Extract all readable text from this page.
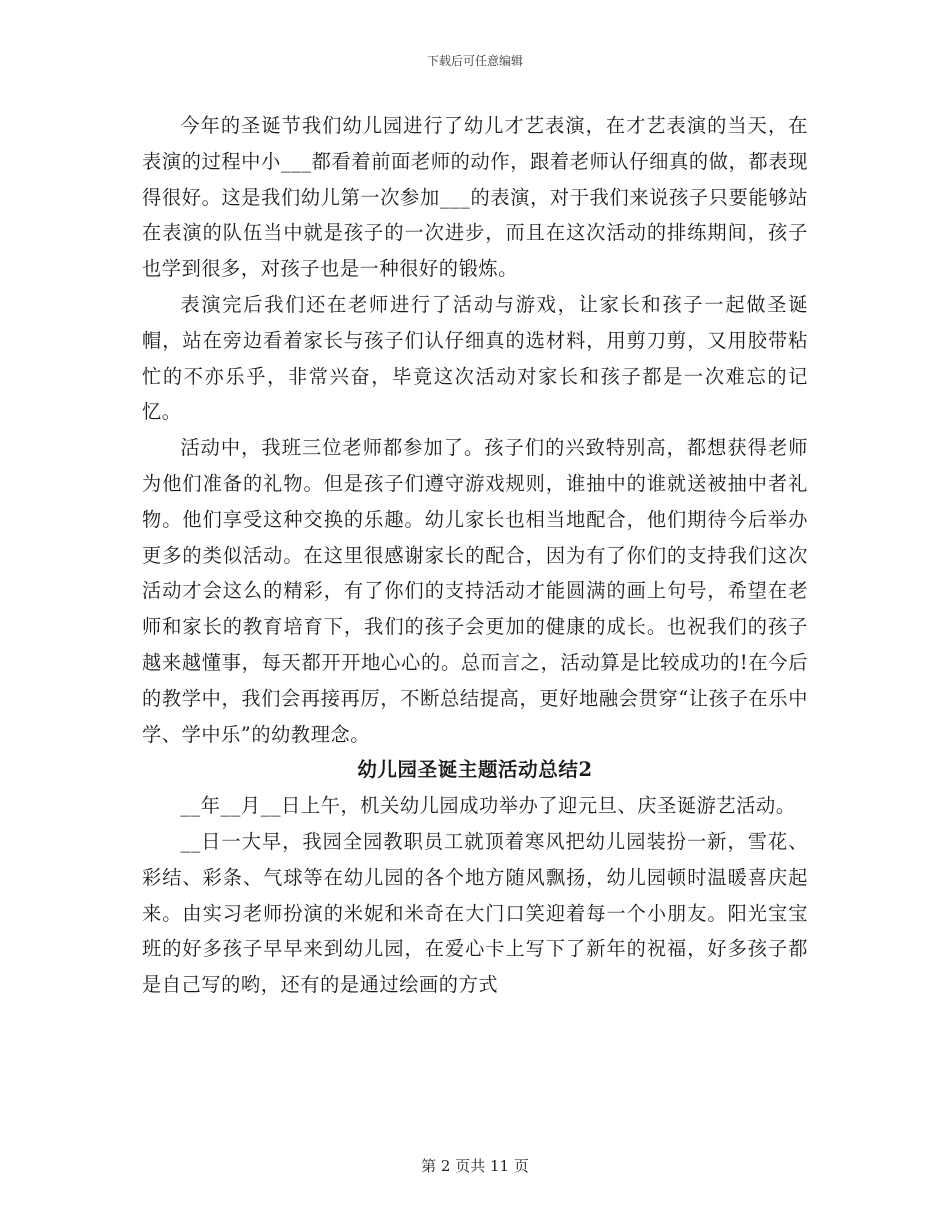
下载后可任意编辑

今年的圣诞节我们幼儿园进行了幼儿才艺表演，在才艺表演的当天，在表演的过程中小___都看着前面老师的动作，跟着老师认仔细真的做，都表现得很好。这是我们幼儿第一次参加___的表演，对于我们来说孩子只要能够站在表演的队伍当中就是孩子的一次进步，而且在这次活动的排练期间，孩子也学到很多，对孩子也是一种很好的锻炼。

表演完后我们还在老师进行了活动与游戏，让家长和孩子一起做圣诞帽，站在旁边看着家长与孩子们认仔细真的选材料，用剪刀剪，又用胶带粘忙的不亦乐乎，非常兴奋，毕竟这次活动对家长和孩子都是一次难忘的记忆。

活动中，我班三位老师都参加了。孩子们的兴致特别高，都想获得老师为他们准备的礼物。但是孩子们遵守游戏规则，谁抽中的谁就送被抽中者礼物。他们享受这种交换的乐趣。幼儿家长也相当地配合，他们期待今后举办更多的类似活动。在这里很感谢家长的配合，因为有了你们的支持我们这次活动才会这么的精彩，有了你们的支持活动才能圆满的画上句号，希望在老师和家长的教育培育下，我们的孩子会更加的健康的成长。也祝我们的孩子越来越懂事，每天都开开地心心的。总而言之，活动算是比较成功的!在今后的教学中，我们会再接再厉，不断总结提高，更好地融会贯穿“让孩子在乐中学、学中乐”的幼教理念。

幼儿园圣诞主题活动总结2

__年__月__日上午，机关幼儿园成功举办了迎元旦、庆圣诞游艺活动。

__日一大早，我园全园教职员工就顶着寒风把幼儿园装扮一新，雪花、彩结、彩条、气球等在幼儿园的各个地方随风飘扬，幼儿园顿时温暖喜庆起来。由实习老师扮演的米妮和米奇在大门口笑迎着每一个小朋友。阳光宝宝班的好多孩子早早来到幼儿园，在爱心卡上写下了新年的祝福，好多孩子都是自己写的哟，还有的是通过绘画的方式

第 2 页共 11 页
